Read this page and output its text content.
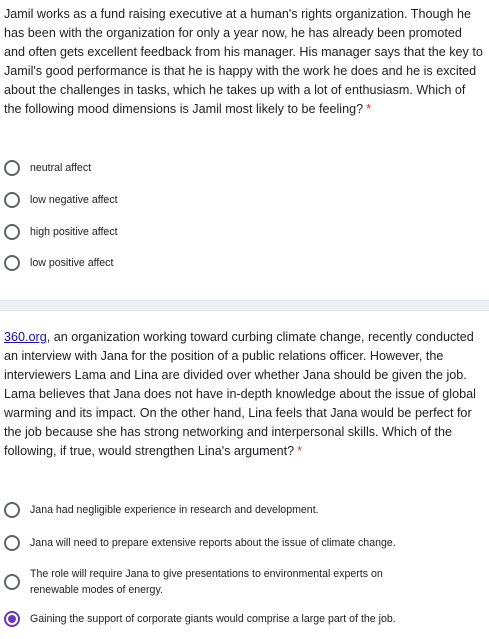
Jamil works as a fund raising executive at a human's rights organization. Though he has been with the organization for only a year now, he has already been promoted and often gets excellent feedback from his manager. His manager says that the key to Jamil's good performance is that he is happy with the work he does and he is excited about the challenges in tasks, which he takes up with a lot of enthusiasm. Which of the following mood dimensions is Jamil most likely to be feeling? *

neutral affect
low negative affect
high positive affect
low positive affect

360.org, an organization working toward curbing climate change, recently conducted an interview with Jana for the position of a public relations officer. However, the interviewers Lama and Lina are divided over whether Jana should be given the job. Lama believes that Jana does not have in-depth knowledge about the issue of global warming and its impact. On the other hand, Lina feels that Jana would be perfect for the job because she has strong networking and interpersonal skills. Which of the following, if true, would strengthen Lina's argument? *

Jana had negligible experience in research and development.
Jana will need to prepare extensive reports about the issue of climate change.
The role will require Jana to give presentations to environmental experts on renewable modes of energy.
Gaining the support of corporate giants would comprise a large part of the job.
